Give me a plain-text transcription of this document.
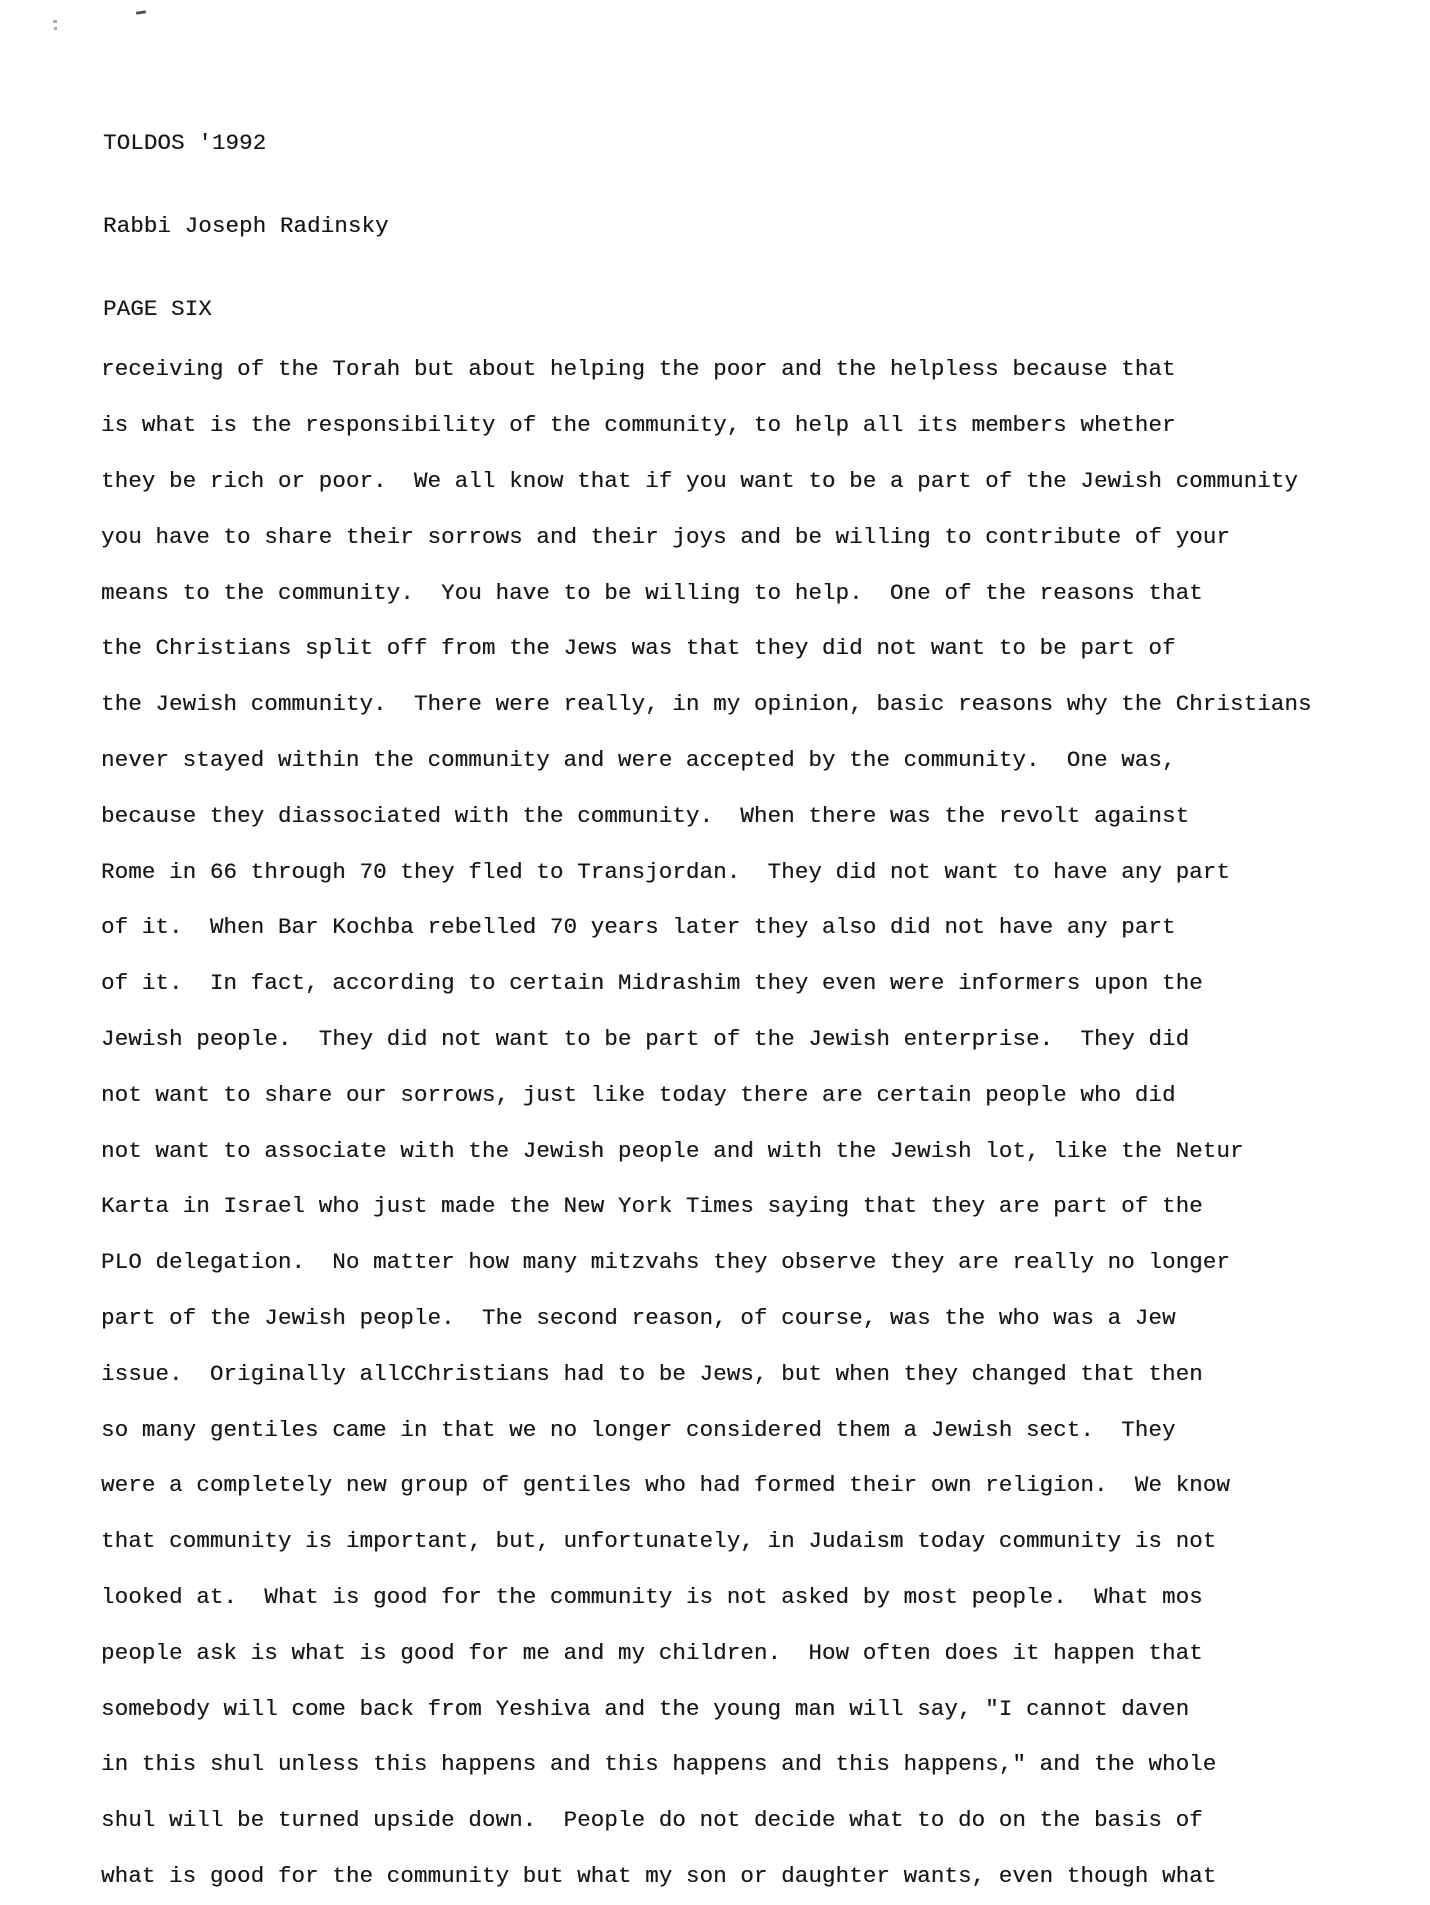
TOLDOS '1992

Rabbi Joseph Radinsky

PAGE SIX

receiving of the Torah but about helping the poor and the helpless because that
is what is the responsibility of the community, to help all its members whether
they be rich or poor.  We all know that if you want to be a part of the Jewish community
you have to share their sorrows and their joys and be willing to contribute of your
means to the community.  You have to be willing to help.  One of the reasons that
the Christians split off from the Jews was that they did not want to be part of
the Jewish community.  There were really, in my opinion, basic reasons why the Christians
never stayed within the community and were accepted by the community.  One was,
because they diassociated with the community.  When there was the revolt against
Rome in 66 through 70 they fled to Transjordan.  They did not want to have any part
of it.  When Bar Kochba rebelled 70 years later they also did not have any part
of it.  In fact, according to certain Midrashim they even were informers upon the
Jewish people.  They did not want to be part of the Jewish enterprise.  They did
not want to share our sorrows, just like today there are certain people who did
not want to associate with the Jewish people and with the Jewish lot, like the Netur
Karta in Israel who just made the New York Times saying that they are part of the
PLO delegation.  No matter how many mitzvahs they observe they are really no longer
part of the Jewish people.  The second reason, of course, was the who was a Jew
issue.  Originally allCChristians had to be Jews, but when they changed that then
so many gentiles came in that we no longer considered them a Jewish sect.  They
were a completely new group of gentiles who had formed their own religion.  We know
that community is important, but, unfortunately, in Judaism today community is not
looked at.  What is good for the community is not asked by most people.  What mos
people ask is what is good for me and my children.  How often does it happen that
somebody will come back from Yeshiva and the young man will say, "I cannot daven
in this shul unless this happens and this happens and this happens," and the whole
shul will be turned upside down.  People do not decide what to do on the basis of
what is good for the community but what my son or daughter wants, even though what
